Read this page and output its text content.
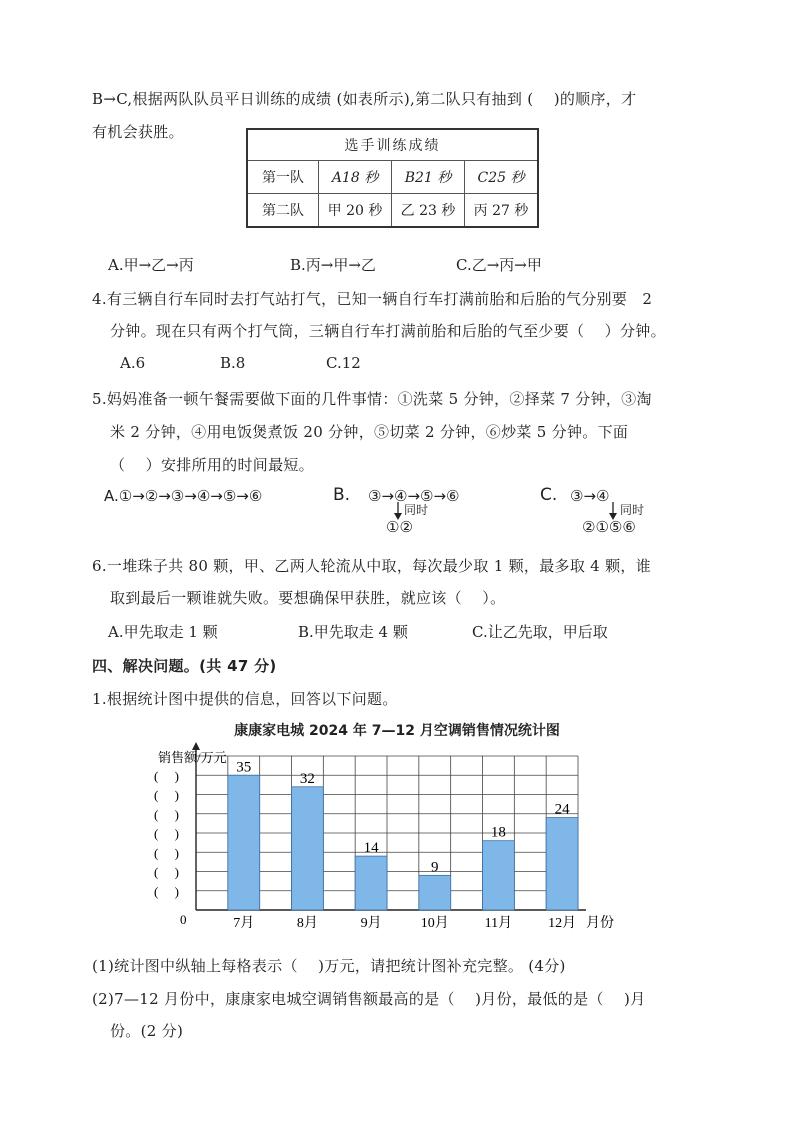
B→C,根据两队队员平日训练的成绩 (如表所示),第二队只有抽到 (　 )的顺序，才
有机会获胜。
选手训练成绩			
第一队	A18 秒	B21 秒	C25 秒
第二队	甲 20 秒	乙 23 秒	丙 27 秒
A.甲→乙→丙	B.丙→甲→乙	C.乙→丙→甲
4.有三辆自行车同时去打气站打气，已知一辆自行车打满前胎和后胎的气分别要　2
分钟。现在只有两个打气筒，三辆自行车打满前胎和后胎的气至少要（　 ）分钟。
A.6	B.8	C.12
5.妈妈准备一顿午餐需要做下面的几件事情：①洗菜 5 分钟，②择菜 7 分钟，③淘
米 2 分钟，④用电饭煲煮饭 20 分钟，⑤切菜 2 分钟，⑥炒菜 5 分钟。下面
（　 ）安排所用的时间最短。
A.①→②→③→④→⑤→⑥	B. ③→④→⑤→⑥
同时
①②
C. ③→④
同时
②①⑤⑥
6.一堆珠子共 80 颗，甲、乙两人轮流从中取，每次最少取 1 颗，最多取 4 颗，谁
取到最后一颗谁就失败。要想确保甲获胜，就应该（　 ）。
A.甲先取走 1 颗	B.甲先取走 4 颗	C.让乙先取，甲后取
四、解决问题。(共 47 分)
1.根据统计图中提供的信息，回答以下问题。
康康家电城 2024 年 7—12 月空调销售情况统计图
销售额/万元
0
(　 )
(　 )
(　 )
(　 )
(　 )
(　 )
(　 )
35
7月
32
8月
14
9月
9
10月
18
11月
24
12月 月份
(1)统计图中纵轴上每格表示（　 )万元，请把统计图补充完整。 (4分)
(2)7—12 月份中，康康家电城空调销售额最高的是（　 )月份，最低的是（　 )月
份。(2 分)
